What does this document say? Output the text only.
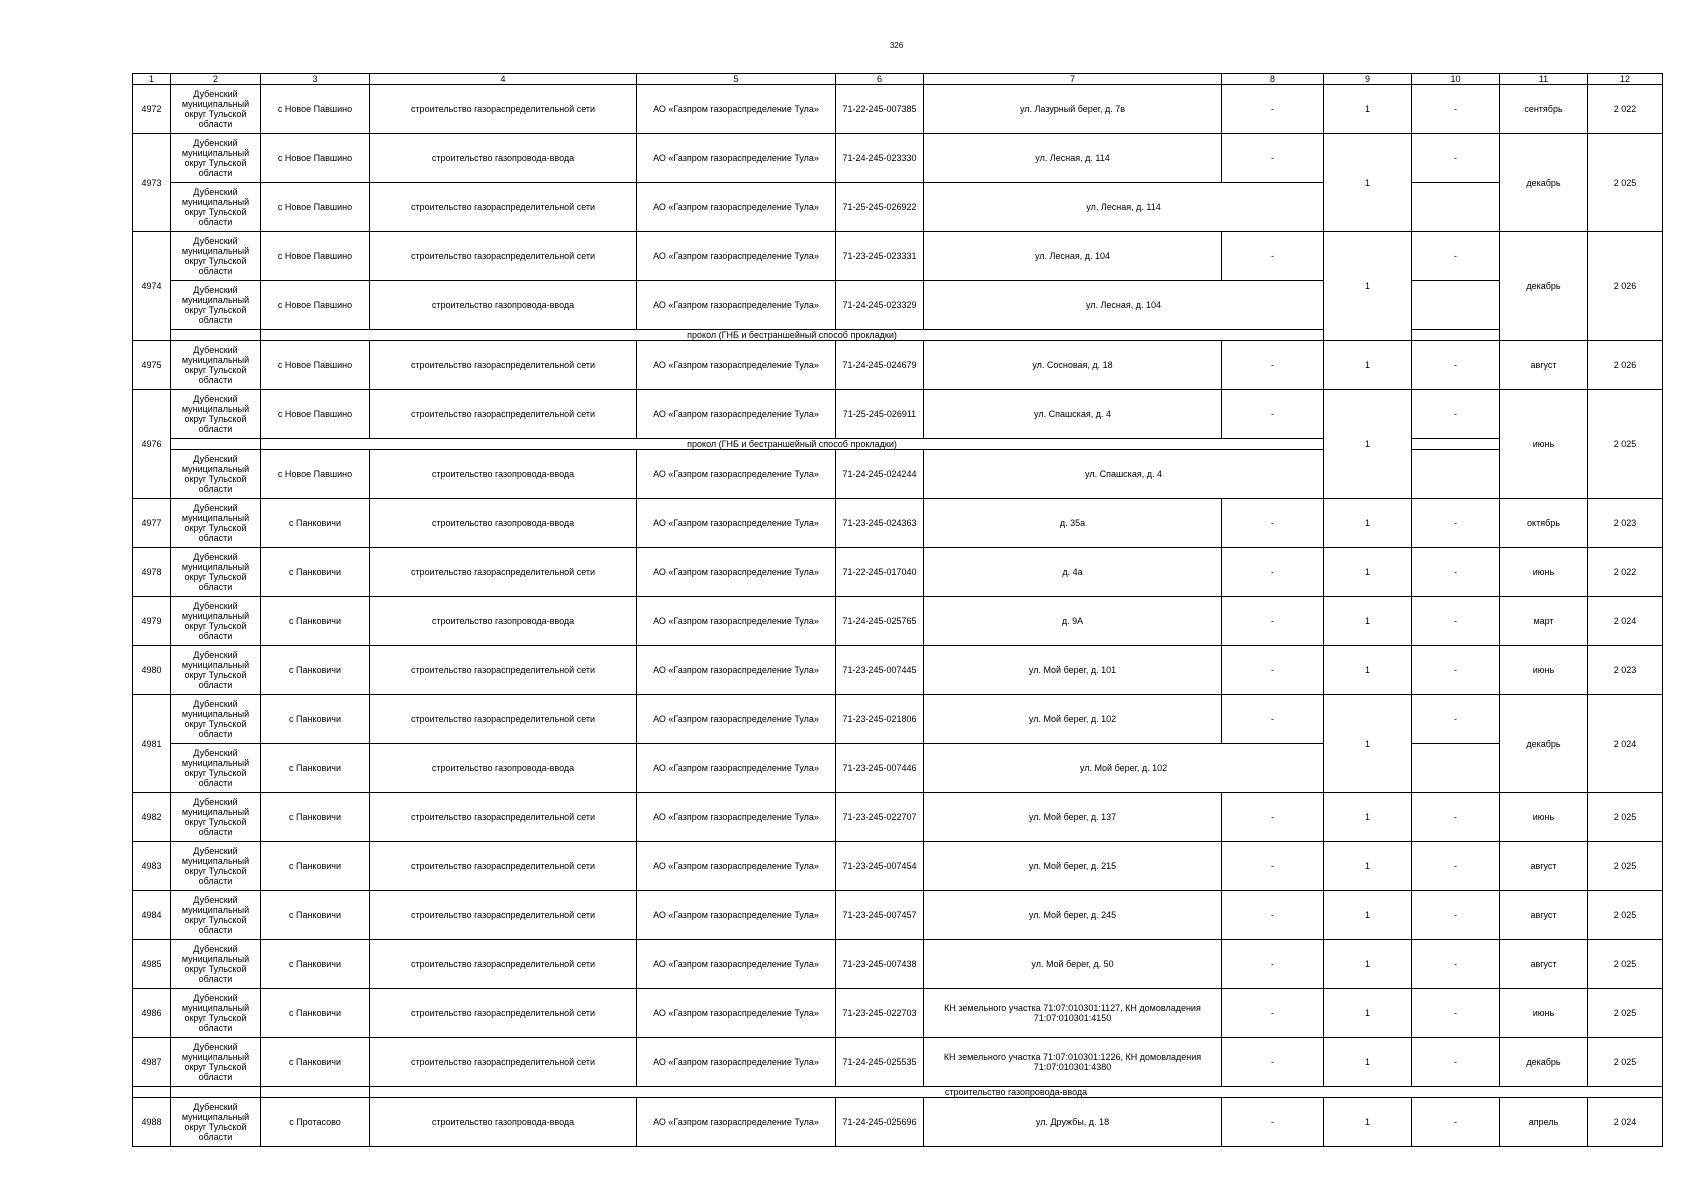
326
1	2	3	4	5	6	7	8	9	10	11	12
4972	Дубенский муниципальный округ Тульской области	с Новое Павшино	строительство газораспределительной сети	АО «Газпром газораспределение Тула»	71-22-245-007385	ул. Лазурный берег, д. 7в	-	1	-	сентябрь	2 022
4973	Дубенский муниципальный округ Тульской области	с Новое Павшино	строительство газопровода-ввода	АО «Газпром газораспределение Тула»	71-24-245-023330	ул. Лесная, д. 114	-	1	-	декабрь	2 025
	Дубенский муниципальный округ Тульской области	с Новое Павшино	строительство газораспределительной сети	АО «Газпром газораспределение Тула»	71-25-245-026922	ул. Лесная, д. 114					
4974	Дубенский муниципальный округ Тульской области	с Новое Павшино	строительство газораспределительной сети	АО «Газпром газораспределение Тула»	71-23-245-023331	ул. Лесная, д. 104	-	1	-	декабрь	2 026
	Дубенский муниципальный округ Тульской области	с Новое Павшино	строительство газопровода-ввода	АО «Газпром газораспределение Тула»	71-24-245-023329	ул. Лесная, д. 104					
		прокол (ГНБ и бестраншейный способ прокладки)									
4975	Дубенский муниципальный округ Тульской области	с Новое Павшино	строительство газораспределительной сети	АО «Газпром газораспределение Тула»	71-24-245-024679	ул. Сосновая, д. 18	-	1	-	август	2 026
4976	Дубенский муниципальный округ Тульской области	с Новое Павшино	строительство газораспределительной сети	АО «Газпром газораспределение Тула»	71-25-245-026911	ул. Спашская, д. 4	-	1	-	июнь	2 025
		прокол (ГНБ и бестраншейный способ прокладки)									
	Дубенский муниципальный округ Тульской области	с Новое Павшино	строительство газопровода-ввода	АО «Газпром газораспределение Тула»	71-24-245-024244	ул. Спашская, д. 4					
4977	Дубенский муниципальный округ Тульской области	с Панковичи	строительство газопровода-ввода	АО «Газпром газораспределение Тула»	71-23-245-024363	д. 35а	-	1	-	октябрь	2 023
4978	Дубенский муниципальный округ Тульской области	с Панковичи	строительство газораспределительной сети	АО «Газпром газораспределение Тула»	71-22-245-017040	д. 4а	-	1	-	июнь	2 022
4979	Дубенский муниципальный округ Тульской области	с Панковичи	строительство газопровода-ввода	АО «Газпром газораспределение Тула»	71-24-245-025765	д. 9А	-	1	-	март	2 024
4980	Дубенский муниципальный округ Тульской области	с Панковичи	строительство газораспределительной сети	АО «Газпром газораспределение Тула»	71-23-245-007445	ул. Мой берег, д. 101	-	1	-	июнь	2 023
4981	Дубенский муниципальный округ Тульской области	с Панковичи	строительство газораспределительной сети	АО «Газпром газораспределение Тула»	71-23-245-021806	ул. Мой берег, д. 102	-	1	-	декабрь	2 024
	Дубенский муниципальный округ Тульской области	с Панковичи	строительство газопровода-ввода	АО «Газпром газораспределение Тула»	71-23-245-007446	ул. Мой берег, д. 102					
4982	Дубенский муниципальный округ Тульской области	с Панковичи	строительство газораспределительной сети	АО «Газпром газораспределение Тула»	71-23-245-022707	ул. Мой берег, д. 137	-	1	-	июнь	2 025
4983	Дубенский муниципальный округ Тульской области	с Панковичи	строительство газораспределительной сети	АО «Газпром газораспределение Тула»	71-23-245-007454	ул. Мой берег, д. 215	-	1	-	август	2 025
4984	Дубенский муниципальный округ Тульской области	с Панковичи	строительство газораспределительной сети	АО «Газпром газораспределение Тула»	71-23-245-007457	ул. Мой берег, д. 245	-	1	-	август	2 025
4985	Дубенский муниципальный округ Тульской области	с Панковичи	строительство газораспределительной сети	АО «Газпром газораспределение Тула»	71-23-245-007438	ул. Мой берег, д. 50	-	1	-	август	2 025
4986	Дубенский муниципальный округ Тульской области	с Панковичи	строительство газораспределительной сети	АО «Газпром газораспределение Тула»	71-23-245-022703	КН земельного участка 71:07:010301:1127, КН домовладения 71:07:010301:4150	-	1	-	июнь	2 025
4987	Дубенский муниципальный округ Тульской области	с Панковичи	строительство газораспределительной сети	АО «Газпром газораспределение Тула»	71-24-245-025535	КН земельного участка 71:07:010301:1226, КН домовладения 71:07:010301:4380	-	1	-	декабрь	2 025
			строительство газопровода-ввода								
4988	Дубенский муниципальный округ Тульской области	с Протасово	строительство газопровода-ввода	АО «Газпром газораспределение Тула»	71-24-245-025696	ул. Дружбы, д. 18	-	1	-	апрель	2 024
